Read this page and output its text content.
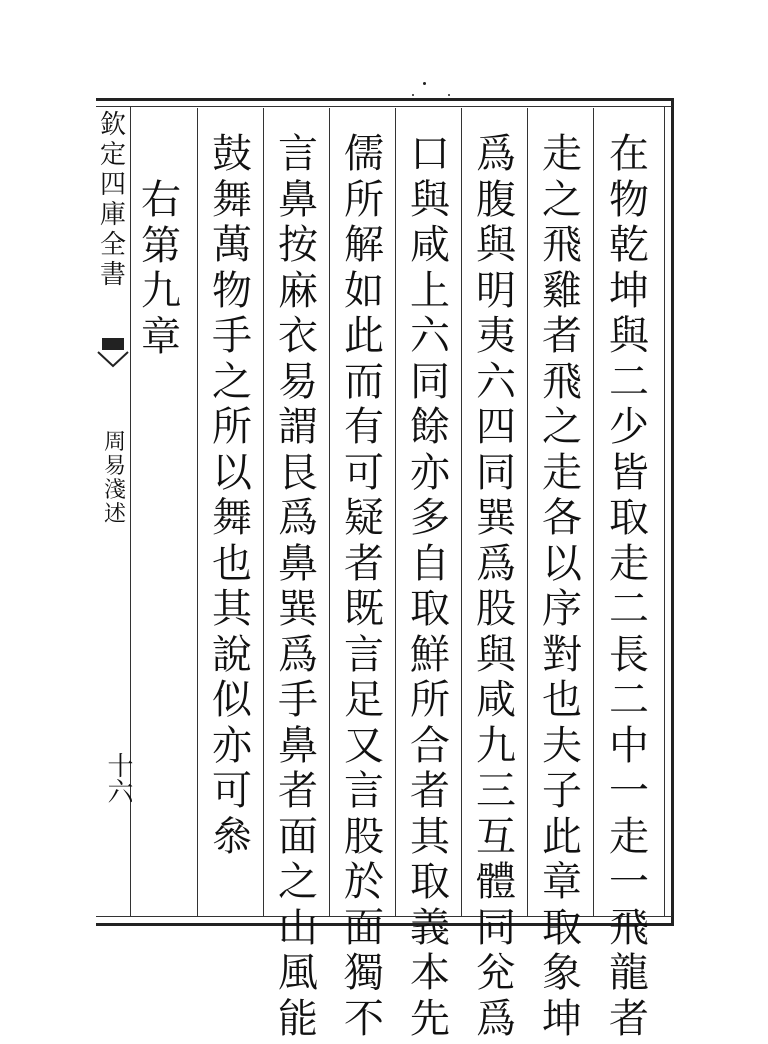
欽
定
四
庫
全
書
周
易
淺
述
十六
在
物
乾
坤
與
二
少
皆
取
走
二
長
二
中
一
走
一
飛
龍
者
走
之
飛
雞
者
飛
之
走
各
以
序
對
也
夫
子
此
章
取
象
坤
爲
腹
與
明
夷
六
四
同
巽
爲
股
與
咸
九
三
互
體
同
兊
爲
口
與
咸
上
六
同
餘
亦
多
自
取
鮮
所
合
者
其
取
義
本
先
儒
所
解
如
此
而
有
可
疑
者
既
言
足
又
言
股
於
面
獨
不
言
鼻
按
麻
衣
易
謂
艮
爲
鼻
巽
爲
手
鼻
者
面
之
山
風
能
鼓
舞
萬
物
手
之
所
以
舞
也
其
說
似
亦
可
叅
右
第
九
章
